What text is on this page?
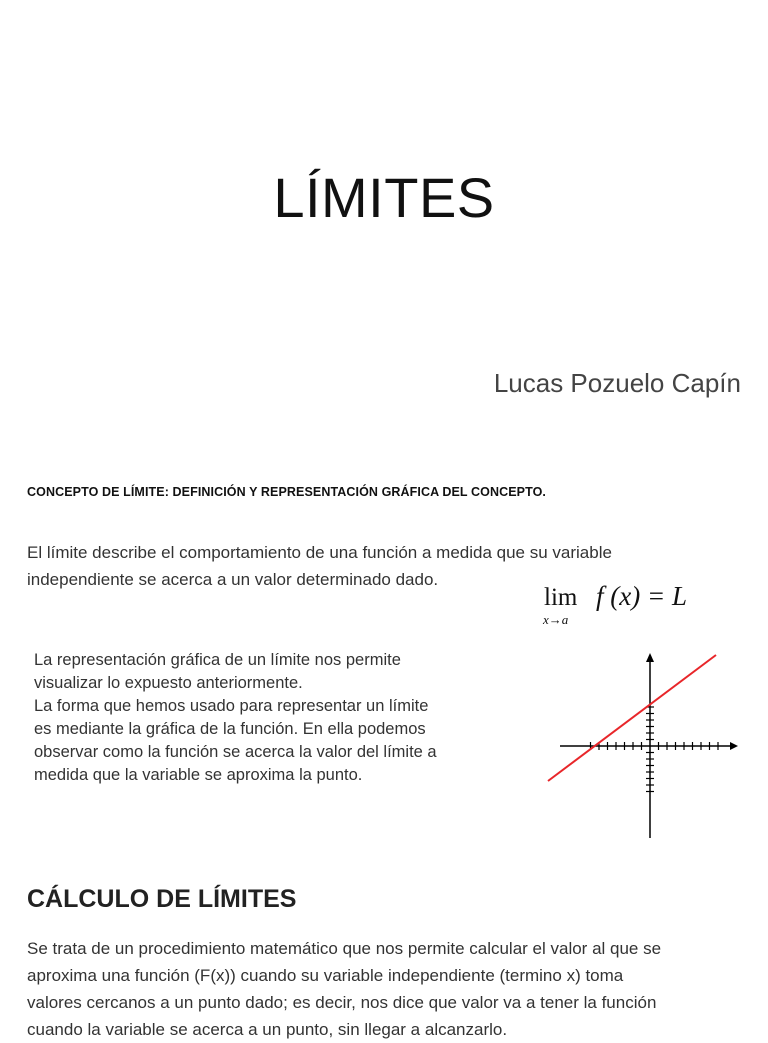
LÍMITES
Lucas Pozuelo Capín
CONCEPTO DE LÍMITE: DEFINICIÓN Y REPRESENTACIÓN GRÁFICA DEL CONCEPTO.
El límite describe el comportamiento de una función a medida que su variable
independiente se acerca a un valor determinado dado.
lim
x→a
f (x) = L
La representación gráfica de un límite nos permite
visualizar lo expuesto anteriormente.
La forma que hemos usado para representar un límite
es mediante la gráfica de la función. En ella podemos
observar como la función se acerca la valor del límite a
medida que la variable se aproxima la punto.
CÁLCULO DE LÍMITES
Se trata de un procedimiento matemático que nos permite calcular el valor al que se
aproxima una función (F(x)) cuando su variable independiente (termino x) toma
valores cercanos a un punto dado; es decir, nos dice que valor va a tener la función
cuando la variable se acerca a un punto, sin llegar a alcanzarlo.
